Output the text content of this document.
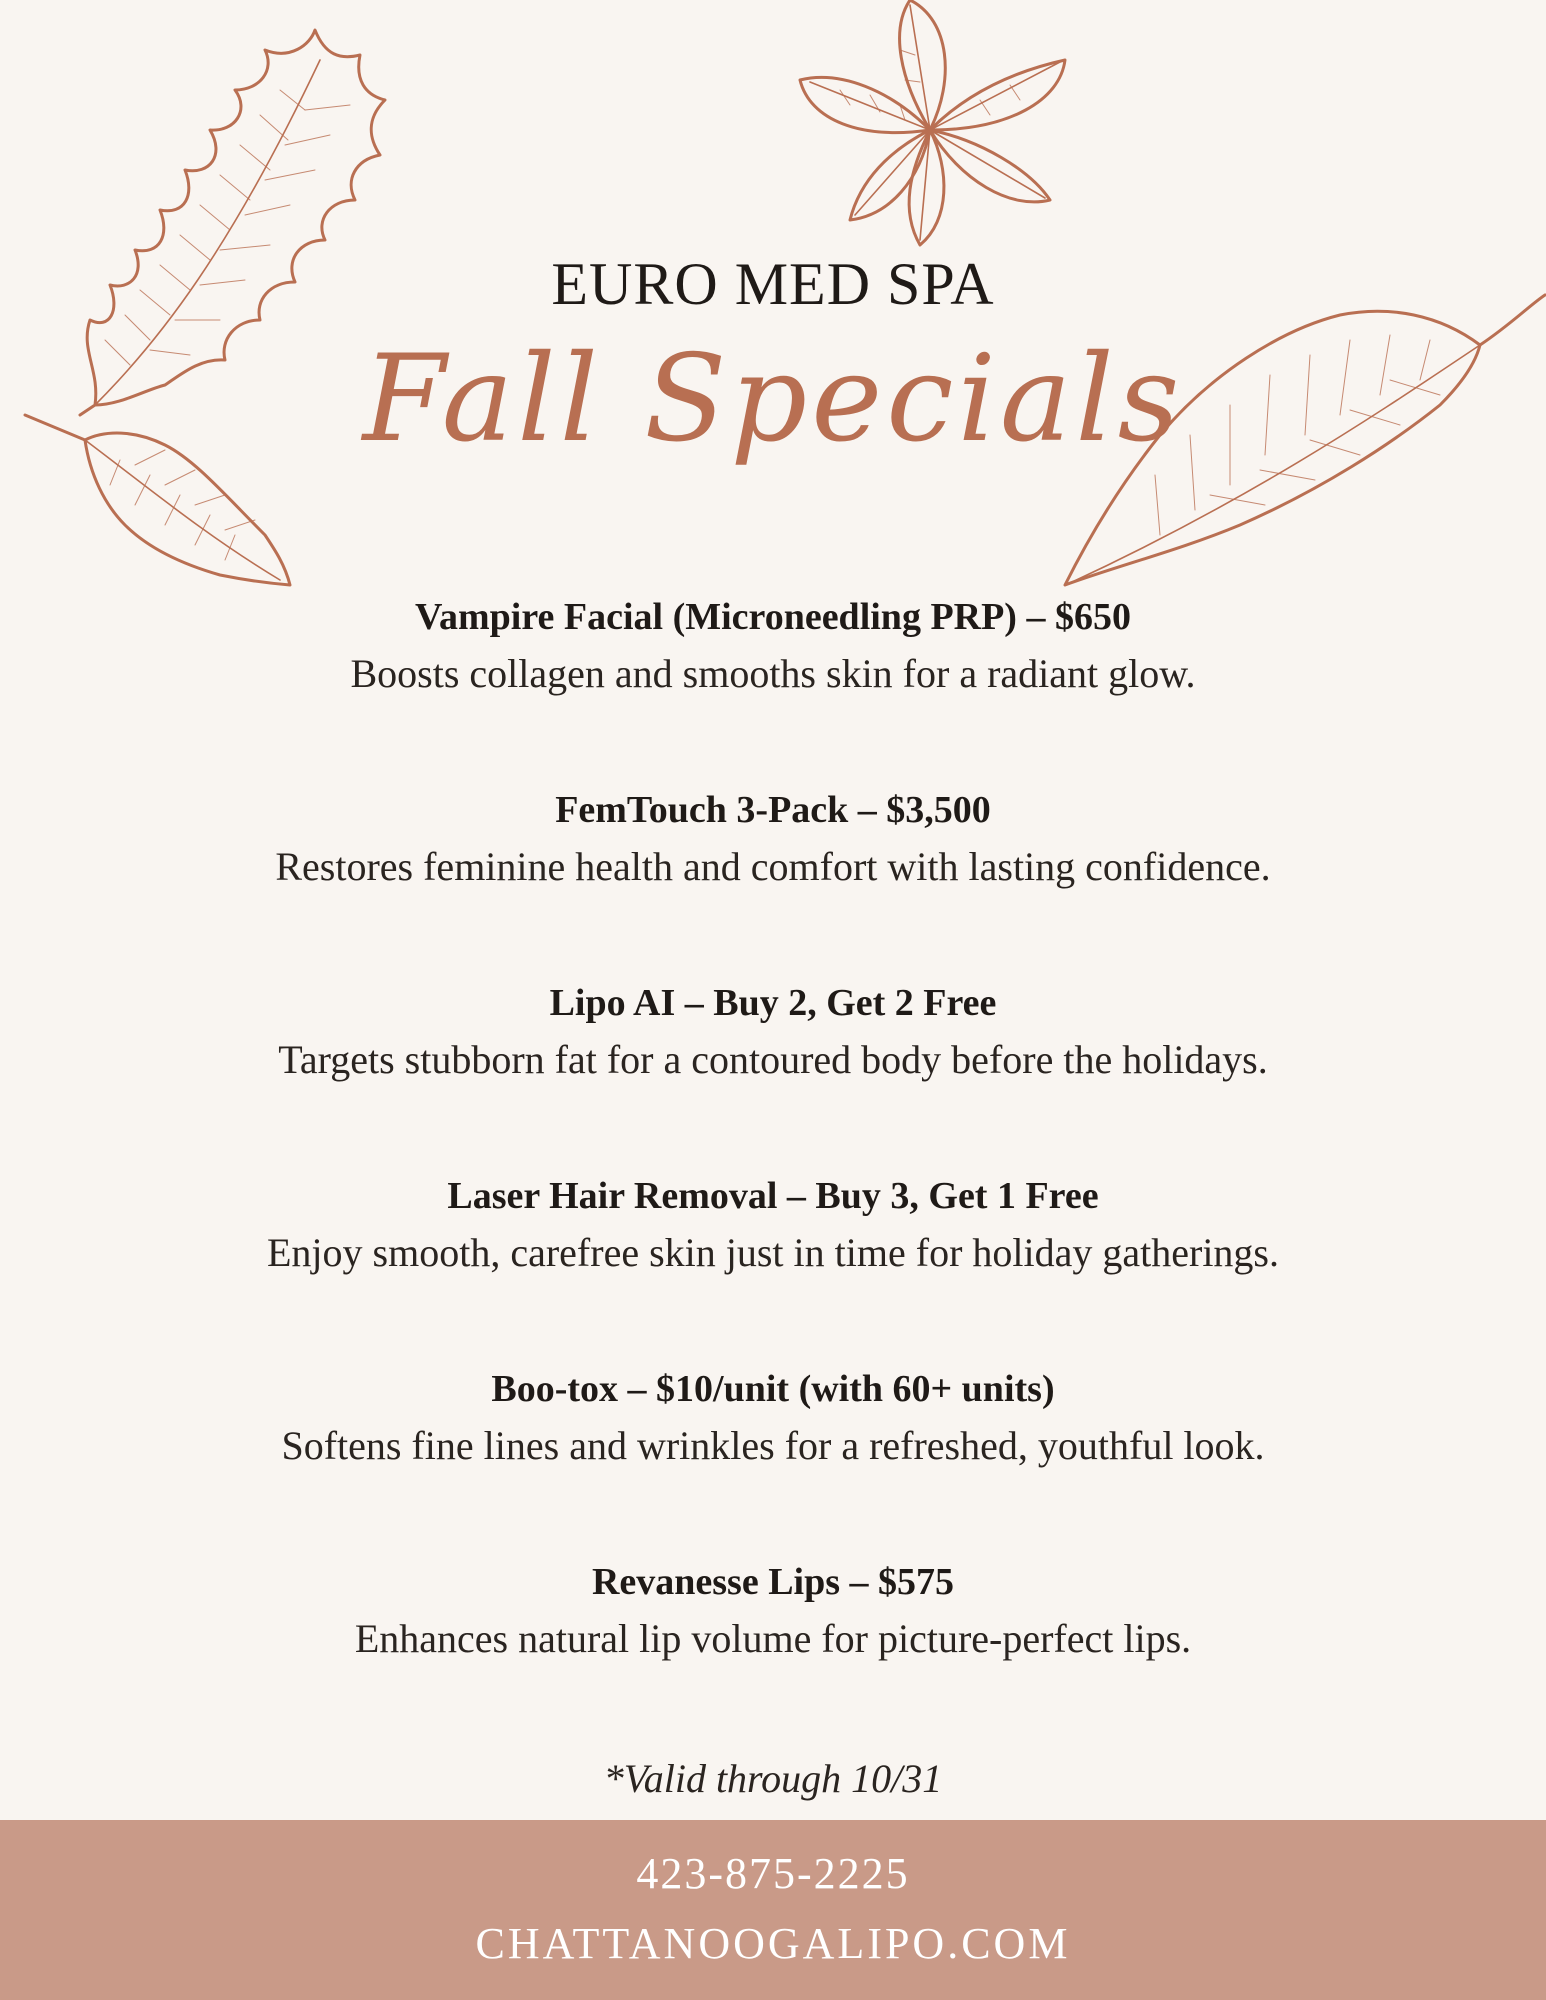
EURO MED SPA
Fall Specials
Vampire Facial (Microneedling PRP) – $650
Boosts collagen and smooths skin for a radiant glow.
FemTouch 3-Pack – $3,500
Restores feminine health and comfort with lasting confidence.
Lipo AI – Buy 2, Get 2 Free
Targets stubborn fat for a contoured body before the holidays.
Laser Hair Removal – Buy 3, Get 1 Free
Enjoy smooth, carefree skin just in time for holiday gatherings.
Boo-tox – $10/unit (with 60+ units)
Softens fine lines and wrinkles for a refreshed, youthful look.
Revanesse Lips – $575
Enhances natural lip volume for picture-perfect lips.
*Valid through 10/31
423-875-2225
CHATTANOOGALIPO.COM
